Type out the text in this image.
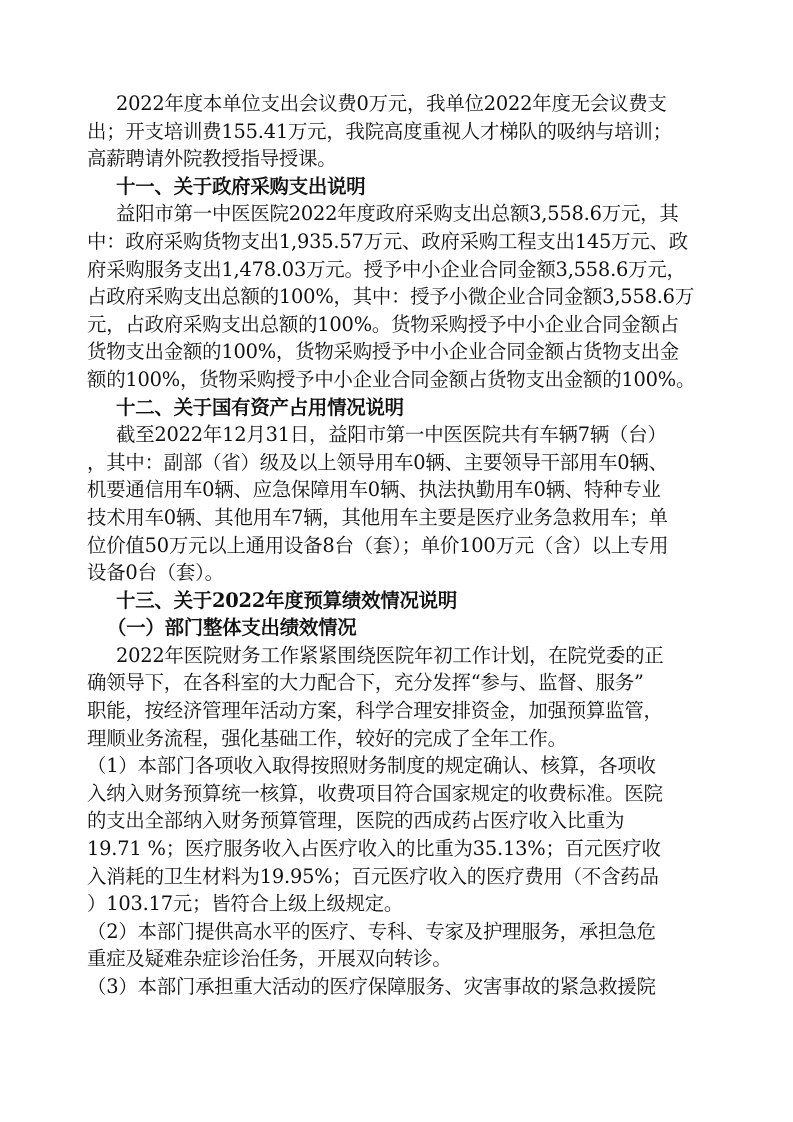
2022年度本单位支出会议费0万元，我单位2022年度无会议费支
出；开支培训费155.41万元，我院高度重视人才梯队的吸纳与培训；
高薪聘请外院教授指导授课。
十一、关于政府采购支出说明
益阳市第一中医医院2022年度政府采购支出总额3,558.6万元，其
中：政府采购货物支出1,935.57万元、政府采购工程支出145万元、政
府采购服务支出1,478.03万元。授予中小企业合同金额3,558.6万元，
占政府采购支出总额的100%，其中：授予小微企业合同金额3,558.6万
元，占政府采购支出总额的100%。货物采购授予中小企业合同金额占
货物支出金额的100%，货物采购授予中小企业合同金额占货物支出金
额的100%，货物采购授予中小企业合同金额占货物支出金额的100%。
十二、关于国有资产占用情况说明
截至2022年12月31日，益阳市第一中医医院共有车辆7辆（台）
，其中：副部（省）级及以上领导用车0辆、主要领导干部用车0辆、
机要通信用车0辆、应急保障用车0辆、执法执勤用车0辆、特种专业
技术用车0辆、其他用车7辆，其他用车主要是医疗业务急救用车；单
位价值50万元以上通用设备8台（套）；单价100万元（含）以上专用
设备0台（套）。
十三、关于2022年度预算绩效情况说明
（一）部门整体支出绩效情况
2022年医院财务工作紧紧围绕医院年初工作计划，在院党委的正
确领导下，在各科室的大力配合下，充分发挥“参与、监督、服务”
职能，按经济管理年活动方案，科学合理安排资金，加强预算监管，
理顺业务流程，强化基础工作，较好的完成了全年工作。
（1）本部门各项收入取得按照财务制度的规定确认、核算，各项收
入纳入财务预算统一核算，收费项目符合国家规定的收费标准。医院
的支出全部纳入财务预算管理，医院的西成药占医疗收入比重为
19.71 %；医疗服务收入占医疗收入的比重为35.13%；百元医疗收
入消耗的卫生材料为19.95%；百元医疗收入的医疗费用（不含药品
）103.17元；皆符合上级上级规定。
（2）本部门提供高水平的医疗、专科、专家及护理服务，承担急危
重症及疑难杂症诊治任务，开展双向转诊。
（3）本部门承担重大活动的医疗保障服务、灾害事故的紧急救援院
